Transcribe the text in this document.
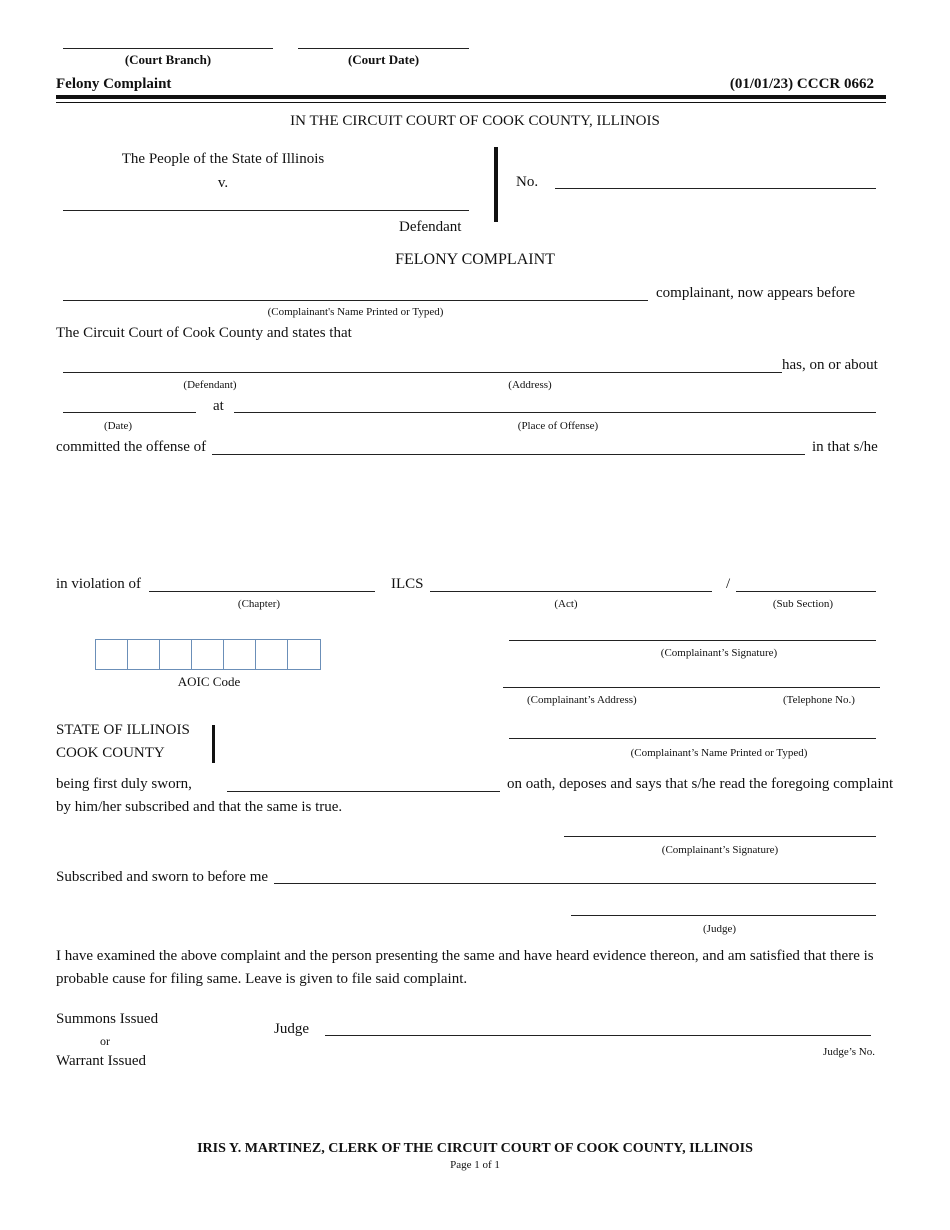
(Court Branch)	(Court Date)
Felony Complaint	(01/01/23) CCCR 0662
IN THE CIRCUIT COURT OF COOK COUNTY, ILLINOIS
The People of the State of Illinois
v.
Defendant
No.
FELONY COMPLAINT
complainant, now appears before
(Complainant's Name Printed or Typed)
The Circuit Court of Cook County and states that
has, on or about
(Defendant)	(Address)
at
(Date)	(Place of Offense)
committed the offense of	in that s/he
in violation of	ILCS	/
(Chapter)	(Act)	(Sub Section)
AOIC Code
(Complainant’s Signature)
(Complainant’s Address)	(Telephone No.)
(Complainant’s Name Printed or Typed)
STATE OF ILLINOIS
COOK COUNTY
being first duly sworn,	on oath, deposes and says that s/he read the foregoing complaint
by him/her subscribed and that the same is true.
(Complainant’s Signature)
Subscribed and sworn to before me
(Judge)
I have examined the above complaint and the person presenting the same and have heard evidence thereon, and am satisfied that there is
probable cause for filing same. Leave is given to file said complaint.
Summons Issued
or
Warrant Issued
Judge
Judge’s No.
IRIS Y. MARTINEZ, CLERK OF THE CIRCUIT COURT OF COOK COUNTY, ILLINOIS
Page 1 of 1
